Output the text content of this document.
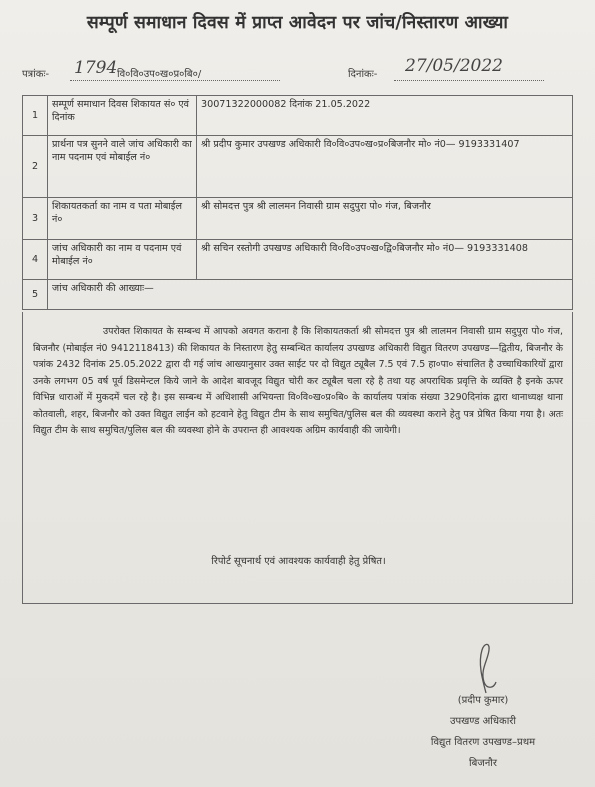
सम्पूर्ण समाधान दिवस में प्राप्त आवेदन पर जांच/निस्तारण आख्या
पत्रांकः- 1794 वि०वि०उप०ख०प्र०बि०/	दिनांकः- 27/05/2022
1	सम्पूर्ण समाधान दिवस शिकायत सं० एवं दिनांक	30071322000082 दिनांक 21.05.2022
2	प्रार्थना पत्र सुनने वाले जांच अधिकारी का नाम पदनाम एवं मोबाईल नं०	श्री प्रदीप कुमार उपखण्ड अधिकारी वि०वि०उप०ख०प्र०बिजनौर मो० नं0— 9193331407
3	शिकायतकर्ता का नाम व पता मोबाईल नं०	श्री सोमदत्त पुत्र श्री लालमन निवासी ग्राम सदुपुरा पो० गंज, बिजनौर
4	जांच अधिकारी का नाम व पदनाम एवं मोबाईल नं०	श्री सचिन रस्तोगी उपखण्ड अधिकारी वि०वि०उप०ख०द्वि०बिजनौर मो० नं0— 9193331408
5	जांच अधिकारी की आख्याः—	
उपरोक्त शिकायत के सम्बन्ध में आपको अवगत कराना है कि शिकायतकर्ता श्री सोमदत्त पुत्र श्री लालमन निवासी ग्राम सदुपुरा पो० गंज, बिजनौर (मोबाईल नं0 9412118413) की शिकायत के निस्तारण हेतु सम्बन्धित कार्यालय उपखण्ड अधिकारी विद्युत वितरण उपखण्ड—द्वितीय, बिजनौर के पत्रांक 2432 दिनांक 25.05.2022 द्वारा दी गई जांच आख्यानुसार उक्त साईट पर दो विद्युत ट्यूबैल 7.5 एवं 7.5 हा०पा० संचालित है उच्चाधिकारियों द्वारा उनके लगभग 05 वर्ष पूर्व डिसमेन्टल किये जाने के आदेश बावजूद विद्युत चोरी कर ट्यूबैल चला रहे है तथा यह अपराधिक प्रवृत्ति के व्यक्ति है इनके ऊपर विभिन्न धाराओं में मुकदमें चल रहे है। इस सम्बन्ध में अधिशासी अभियन्ता वि०वि०ख०प्र०बि० के कार्यालय पत्रांक संख्या 3290दिनांक द्वारा थानाध्यक्ष थाना कोतवाली, शहर, बिजनौर को उक्त विद्युत लाईन को हटवाने हेतु विद्युत टीम के साथ समुचित/पुलिस बल की व्यवस्था कराने हेतु पत्र प्रेषित किया गया है। अतः विद्युत टीम के साथ समुचित/पुलिस बल की व्यवस्था होने के उपरान्त ही आवश्यक अग्रिम कार्यवाही की जायेगी।
रिपोर्ट सूचनार्थ एवं आवश्यक कार्यवाही हेतु प्रेषित।
(प्रदीप कुमार)
उपखण्ड अधिकारी
विद्युत वितरण उपखण्ड–प्रथम
बिजनौर
